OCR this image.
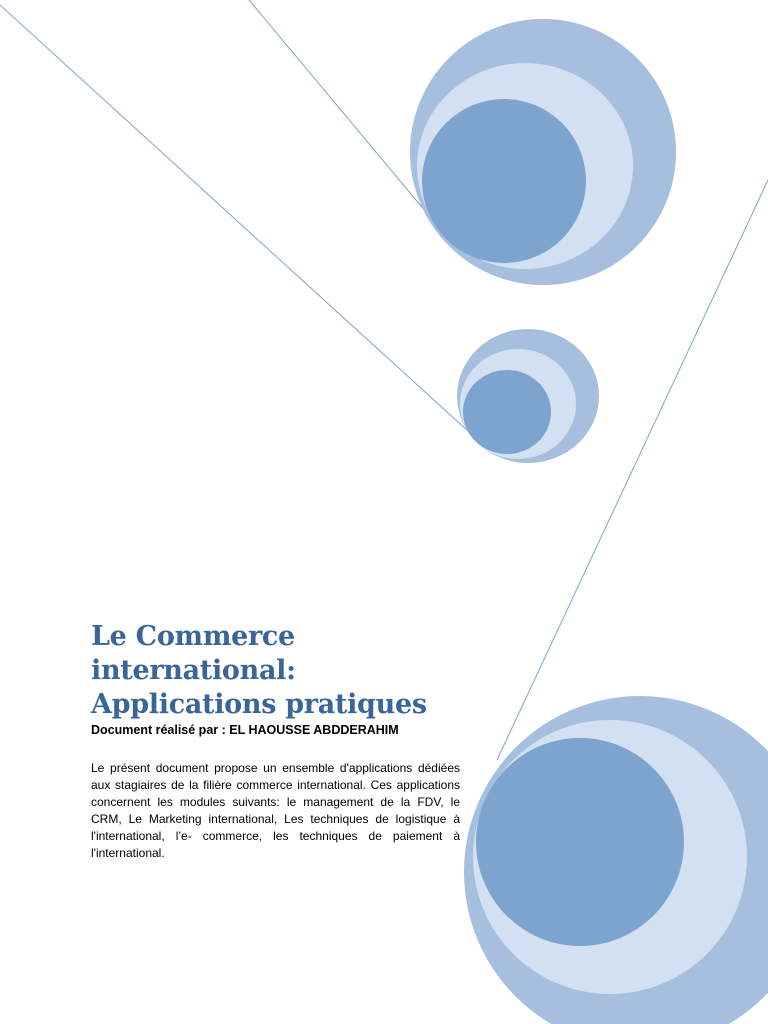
Le Commerce
international:
Applications pratiques
Document réalisé par : EL HAOUSSE ABDDERAHIM

Le présent document propose un ensemble d'applications dédiées aux stagiaires de la filière commerce international. Ces applications concernent les modules suivants: le management de la FDV, le CRM, Le Marketing international, Les techniques de logistique à l'international, l’e- commerce, les techniques de paiement à l'international.
